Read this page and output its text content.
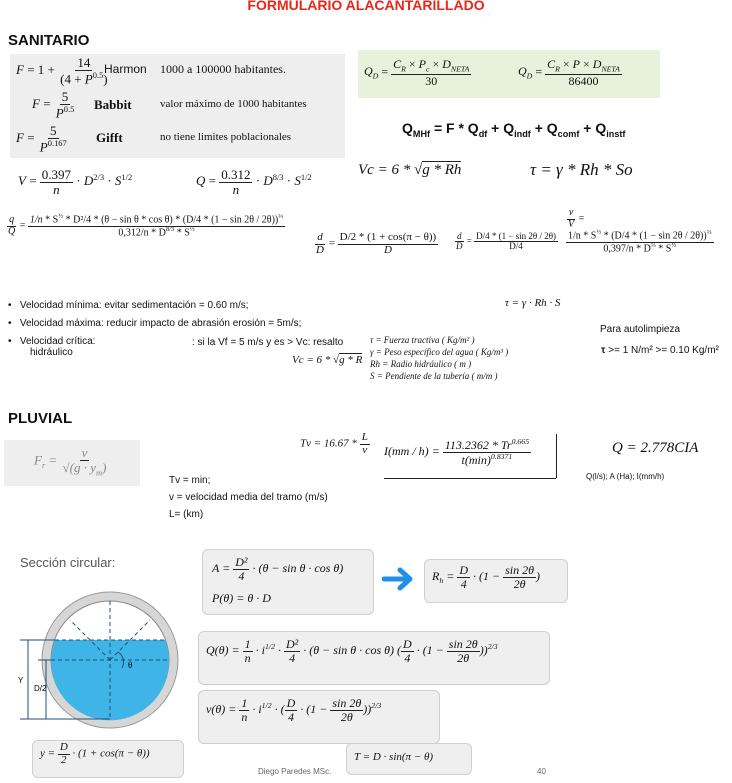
FORMULARIO ALACANTARILLADO
SANITARIO
$F = 1 + \frac{14}{(4 + P^{0.5})}$
Harmon 1000 a 100000 habitantes.
$F = \frac{5}{P^{0.5}}$ Babbit	valor máximo de 1000 habitantes
$F = \frac{5}{P^{0.167}}$ Gifft	no tiene limites poblacionales
$Q_D = \frac{C_R \times P_c \times D_{NETA}}{30}$	$Q_D = \frac{C_R \times P \times D_{NETA}}{86400}$
$Q_{MHf} = F * Q_{df} + Q_{indf} + Q_{comf} + Q_{instf}$
$V = \frac{0.397}{n} \cdot D^{2/3} \cdot S^{1/2}$	$Q = \frac{0.312}{n} \cdot D^{8/3} \cdot S^{1/2}$	Vc = 6 * √g * Rh	τ = γ * Rh * So
$\frac{q}{Q}$ =
$1/n * S^{\frac{1}{2}} * D^2/4 * (\theta - \sin \theta * \cos \theta) * (D/4 * (1 - \sin 2\theta / 2\theta))^{\frac{2}{3}}$
$0,312/n * D^{8/3} * S^{\frac{1}{2}}$
$\frac{d}{D} = \frac{D/2 * (1 + \cos(\pi - \theta))}{D} \frac{d}{D} = \frac{D/4 * (1 - \sin 2\theta / 2\theta)}{D/4}$
$\frac{v}{V}$ =
$\frac{1/n * S^{\frac{1}{2}} * (D/4 * (1 - \sin 2\theta / 2\theta))^{\frac{2}{3}}}{0,397/n * D^{\frac{2}{3}} * S^{\frac{1}{2}}}$
•   Velocidad mínima: evitar sedimentación = 0.60 m/s;
•   Velocidad máxima: reducir impacto de abrasión erosión = 5m/s;
•   Velocidad crítica:
hidráulico
: si la Vf = 5 m/s y es > Vc: resalto
Vc = 6 * √g * R
τ = γ · Rh · S
τ = Fuerza tractiva ( Kg/m² )
γ = Peso específico del agua ( Kg/m³ )
Rh = Radio hidráulico ( m )
S = Pendiente de la tubería ( m/m )
Para autolimpieza
τ >= 1 N/m² >= 0.10 Kg/m²
PLUVIAL
$F_r = \frac{v}{√(g \cdot y_m)}$
$Tv = 16.67 * \frac{L}{v} I(mm / h) = \frac{113.2362 * Tr^{0.665}}{t(\min)^{0.8371}}$	Q = 2.778CIA
Q(l/s); A (Ha); I(mm/h)
Tv = min;
v = velocidad media del tramo (m/s)
L= (km)
Sección circular:
θ
Y
D/2
$A = \frac{\text{D²}}{4} \cdot (\theta - \sin \theta \cdot \cos \theta)$
P(θ) = θ · D
$R_h = \frac{D}{4} \cdot (1 - \frac{\sin 2\theta}{2\theta}$ )
$Q(\theta) = \frac{1}{n} \cdot i^{1/2} \cdot \frac{\text{D²}}{4} \cdot (\theta - \sin \theta \cdot \cos \theta)$ ( $\frac{D}{4} \cdot (1 - \frac{\sin 2\theta}{2\theta} ))^{2/3}$
$v(\theta) = \frac{1}{n} \cdot i^{1/2}$ · ( $\frac{D}{4} \cdot (1 - \frac{\sin 2\theta}{2\theta} ))^{2/3}$
$y = \frac{D}{2} \cdot (1 + \cos(\pi - \theta))$	T = D · sin(π − θ)
Diego Paredes MSc.	40
